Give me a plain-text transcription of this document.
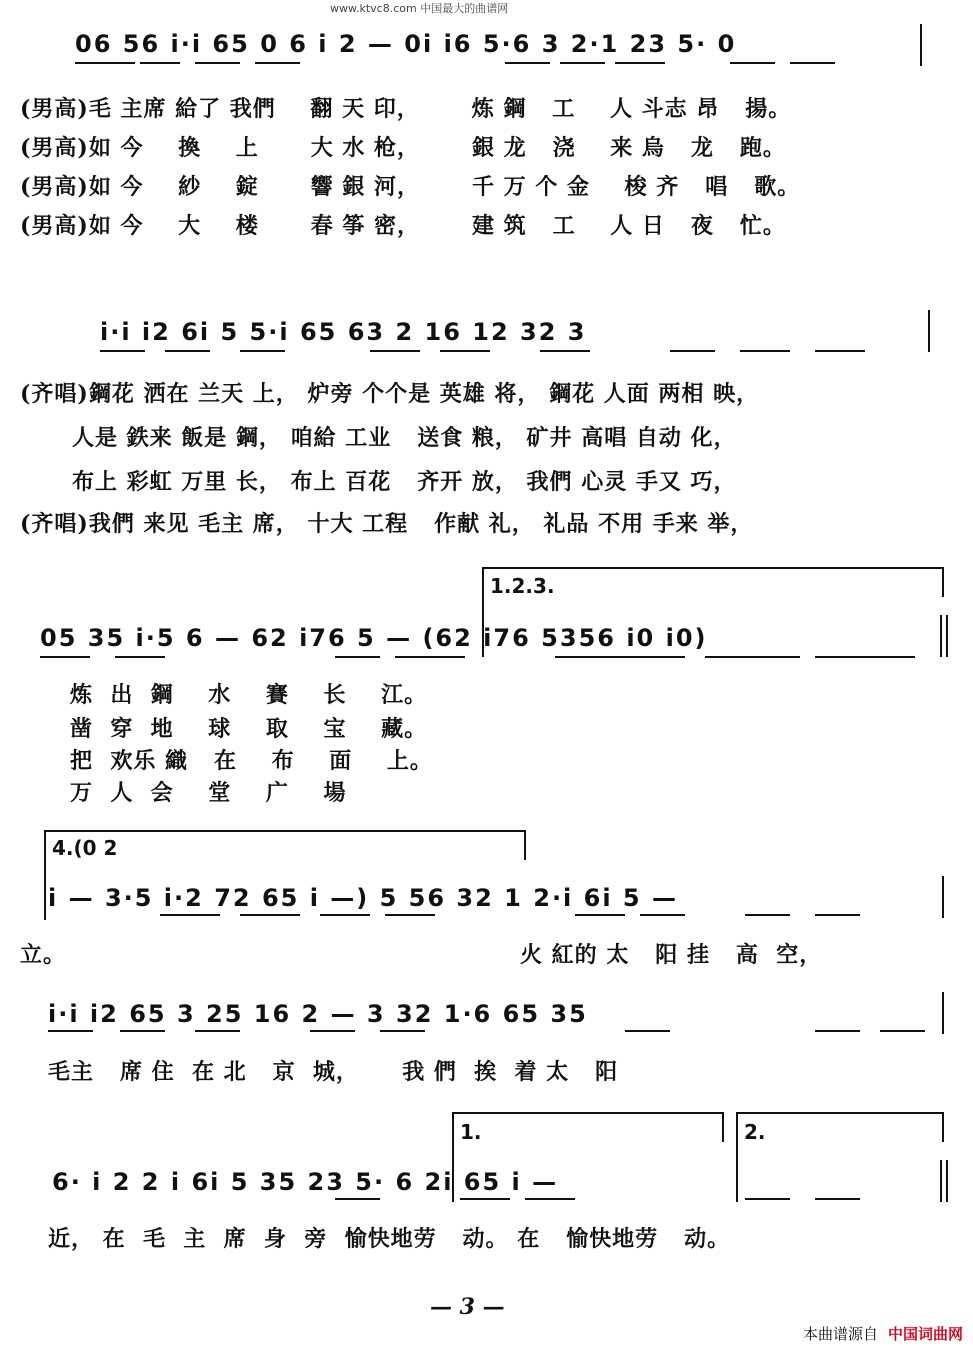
www.ktvc8.com 中国最大的曲谱网
06 56 i·i 65 0 6 i 2 — 0i i6 5·6 3 2·1 23 5· 0
(男高)毛 主席 給了 我們    翻 天 印，      炼 鋼   工    人 斗志 昂   揚。
(男高)如 今    換    上      大 水 枪，      銀 龙   浇    来 烏   龙   跑。
(男高)如 今    紗    錠      響 銀 河，      千 万 个 金    梭 齐   唱   歌。
(男高)如 今    大    楼      春 筝 密，      建 筑   工    人 日   夜   忙。
i·i i2 6i 5 5·i 65 63 2 16 12 32 3
(齐唱)鋼花 洒在 兰天 上， 炉旁 个个是 英雄 将， 鋼花 人面 两相 映，
人是 鉄来 飯是 鋼， 咱給 工业   送食 粮， 矿井 高唱 自动 化，
布上 彩虹 万里 长， 布上 百花   齐开 放， 我們 心灵 手又 巧，
(齐唱)我們 来见 毛主 席， 十大 工程   作献 礼， 礼品 不用 手来 举，
1.2.3.
05 35 i·5 6 — 62 i76 5 — (62 i76 5356 i0 i0)
炼  出  鋼    水    賽    长    江。
凿  穿  地    球    取    宝    藏。
把  欢乐 織   在    布    面    上。
万  人  会    堂    广    場
4.(0 2
i — 3·5 i·2 72 65 i —) 5 56 32 1 2·i 6i 5 —
立。	火 紅的 太   阳 挂   高  空，
i·i i2 65 3 25 16 2 — 3 32 1·6 65 35
毛主   席 住  在 北   京  城，     我 們  挨  着 太   阳
1.	2.
6· i 2 2 i 6i 5 35 23 5· 6 2i 65 i —
近， 在  毛  主  席  身  旁  愉快地劳   动。 在   愉快地劳   动。
— 3 —
本曲谱源自 中国词曲网
